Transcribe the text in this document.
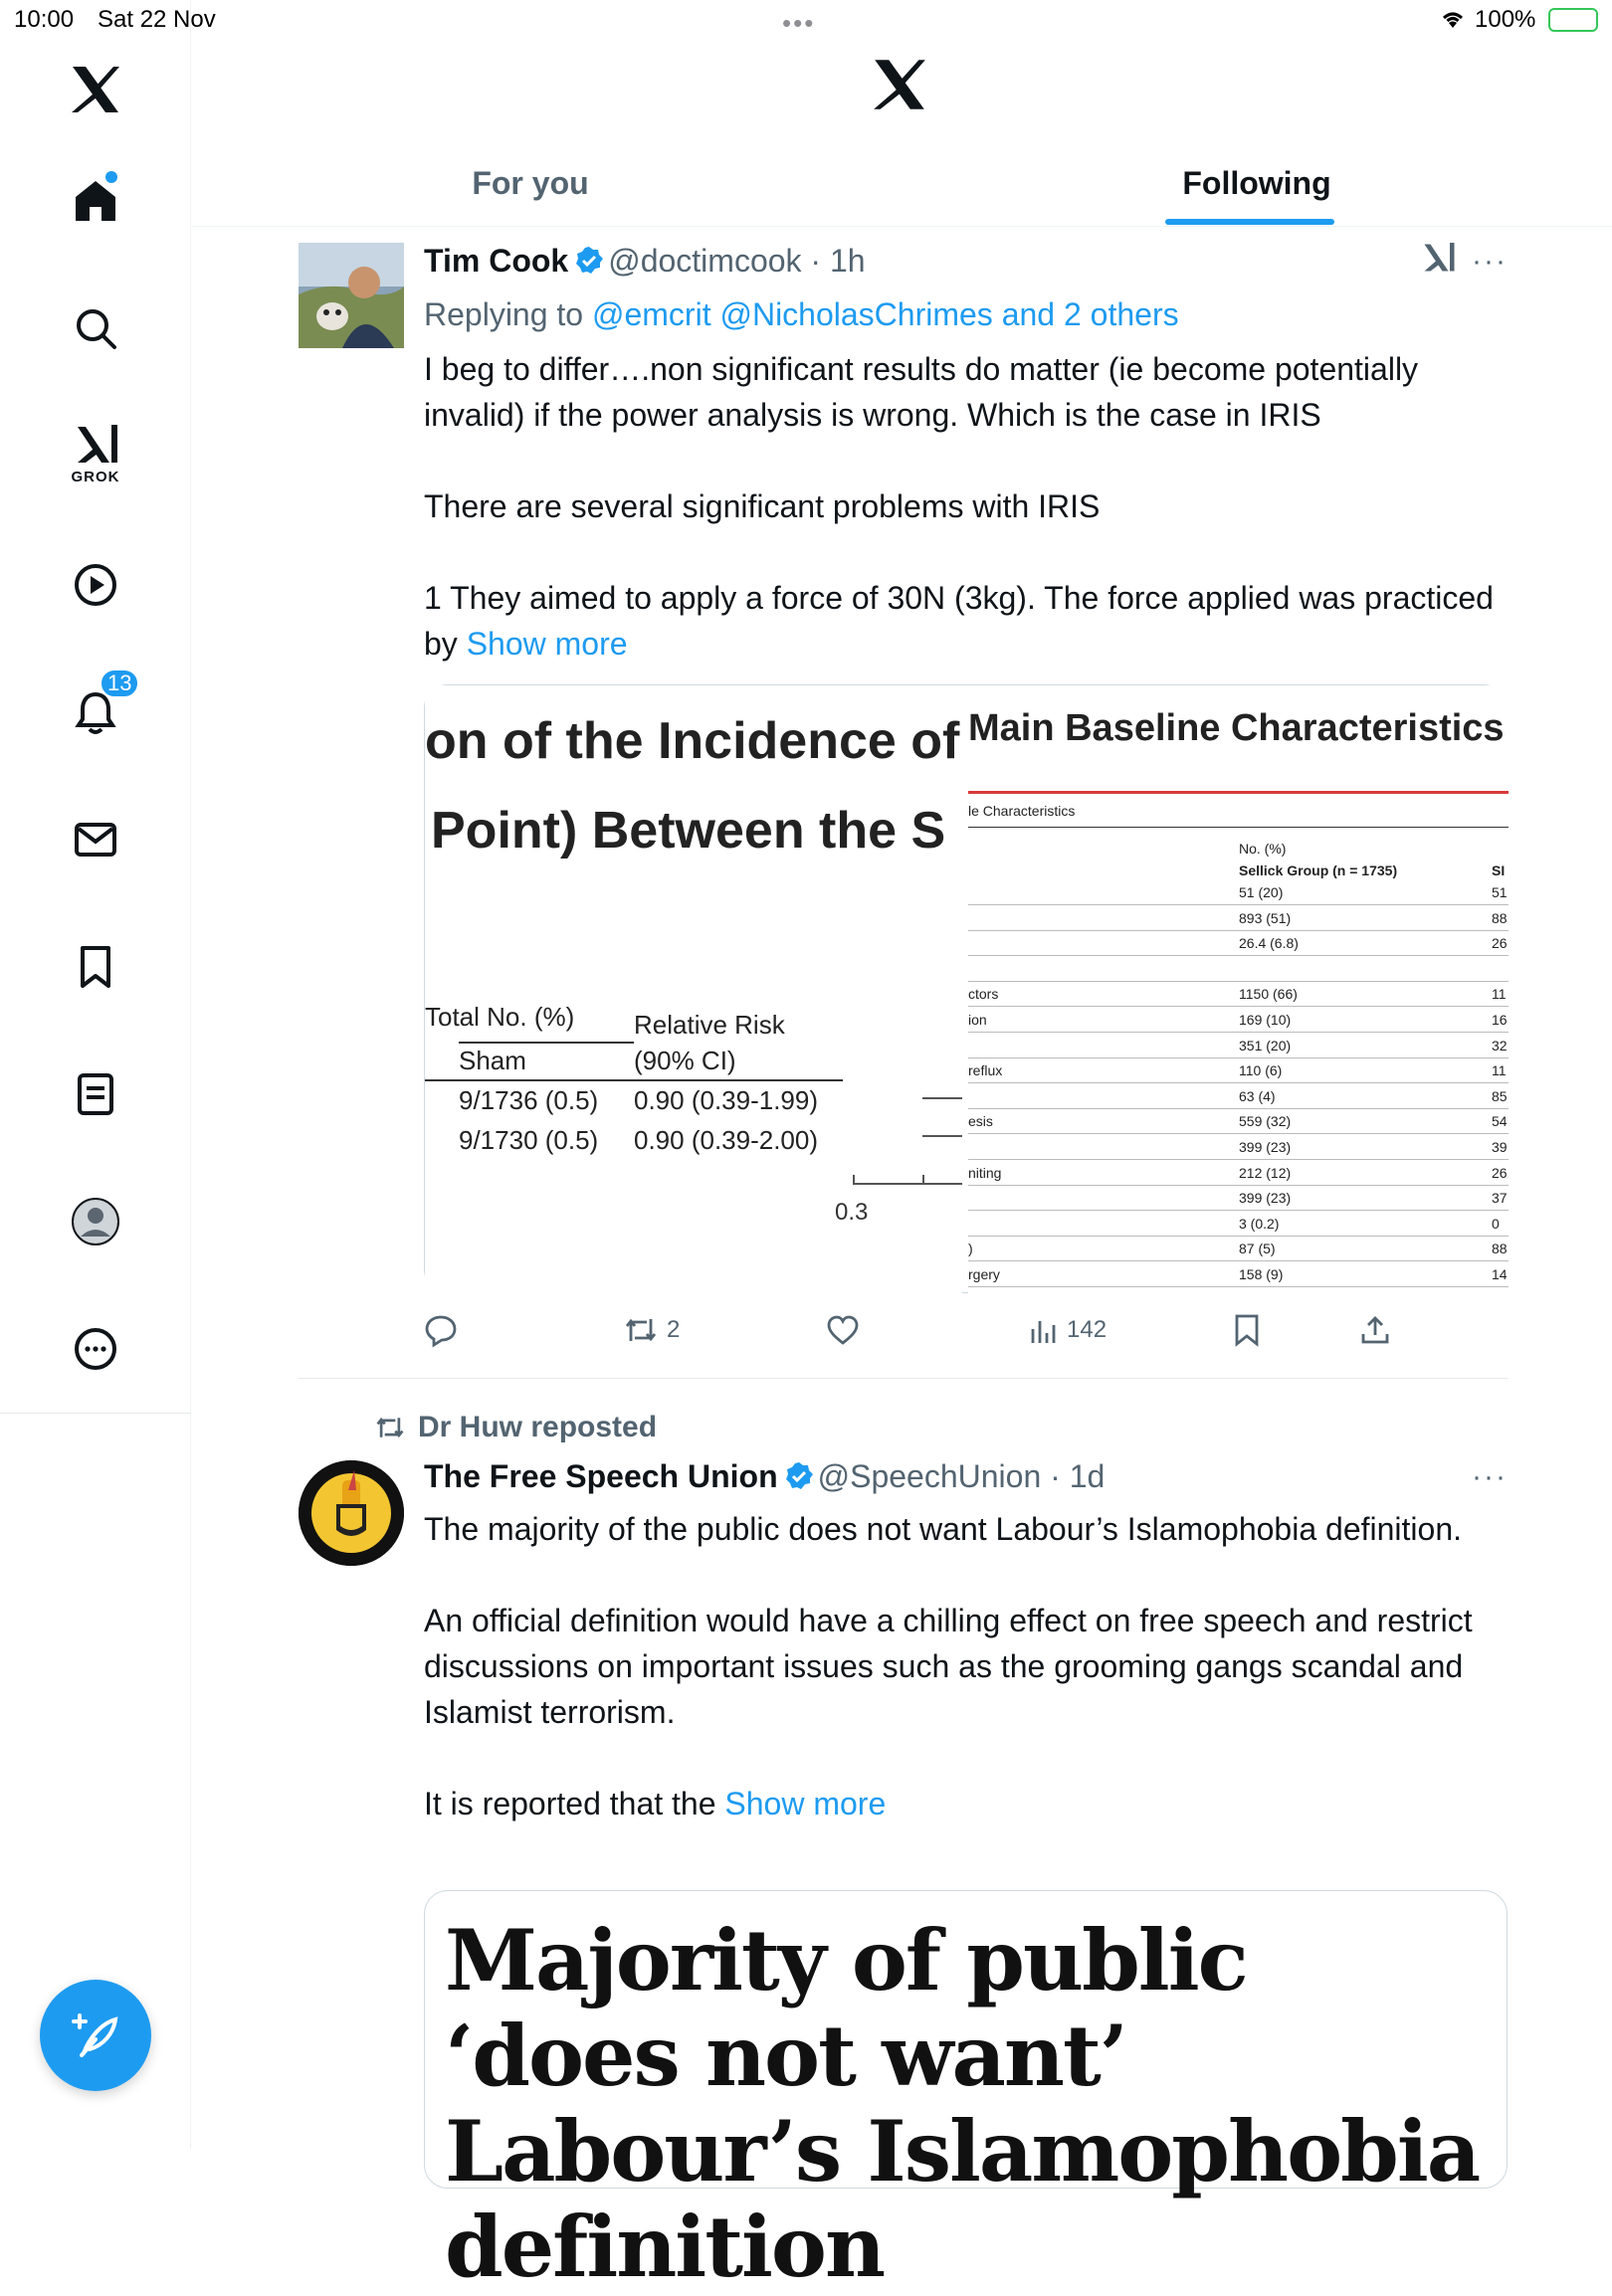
10:00 Sat 22 Nov	•••	100% ⚡
GROK
13
For you	Following
Tim Cook @doctimcook · 1h
Replying to @emcrit @NicholasChrimes and 2 others

I beg to differ….non significant results do matter (ie become potentially invalid) if the power analysis is wrong. Which is the case in IRIS

There are several significant problems with IRIS

1 They aimed to apply a force of 30N (3kg). The force applied was practiced by Show more

···
on of the Incidence of
Point) Between the S
Total No. (%) Relative Risk
Sham	(90% CI)
9/1736 (0.5) 0.90 (0.39-1.99)
9/1730 (0.5) 0.90 (0.39-2.00)
0.3
Main Baseline Characteristics
le Characteristics
No. (%)
Sellick Group (n = 1735)	SI
51 (20)	51
893 (51)	88
26.4 (6.8)	26
ctors	1150 (66)	11
ion	169 (10)	16
351 (20)	32
reflux	110 (6)	11
63 (4)	85
esis	559 (32)	54
399 (23)	39
niting	212 (12)	26
399 (23)	37
3 (0.2)	0
)	87 (5)	88
rgery	158 (9)	14
2	142
Dr Huw reposted
The Free Speech Union @SpeechUnion · 1d

The majority of the public does not want Labour’s Islamophobia definition.

An official definition would have a chilling effect on free speech and restrict discussions on important issues such as the grooming gangs scandal and Islamist terrorism.

It is reported that the Show more

···
Majority of public ‘does not want’ Labour’s Islamophobia definition
